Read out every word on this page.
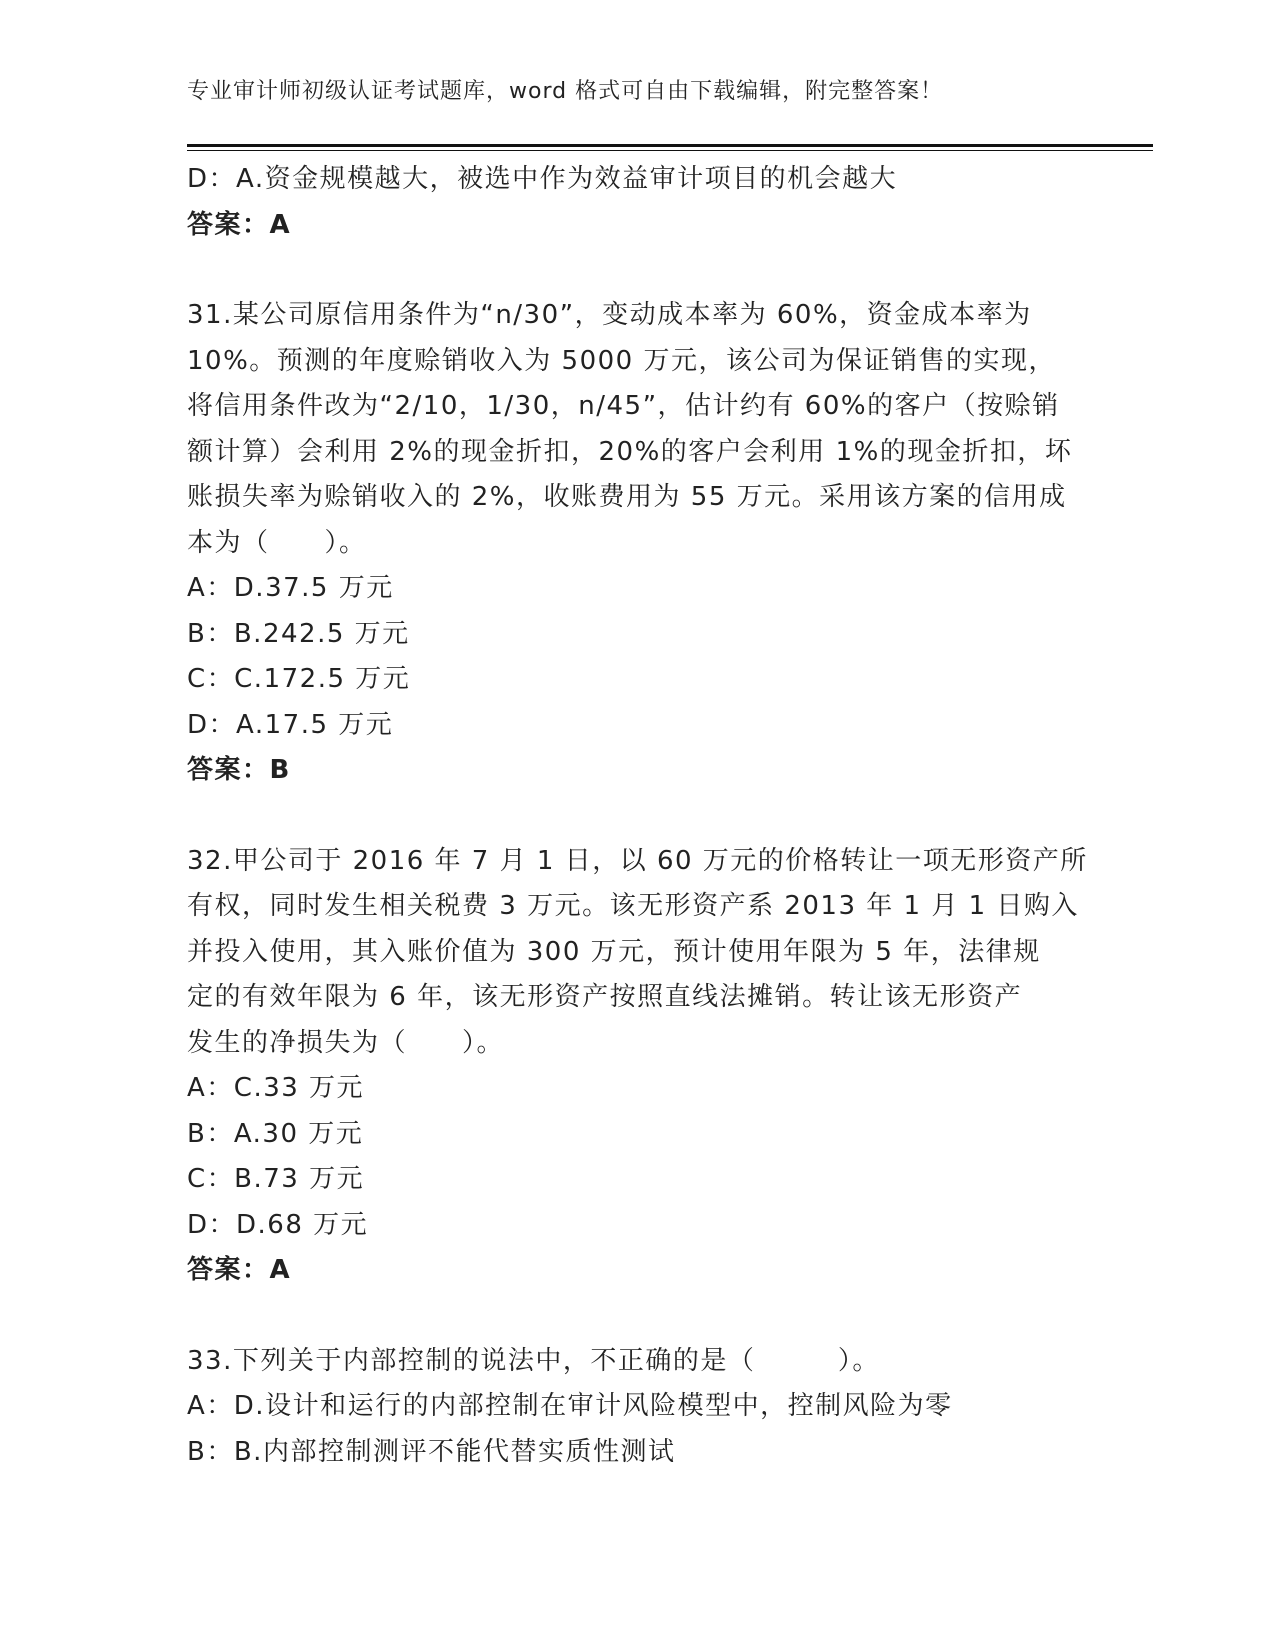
专业审计师初级认证考试题库，word 格式可自由下载编辑，附完整答案！
D：A.资金规模越大，被选中作为效益审计项目的机会越大
答案：A
31.某公司原信用条件为“n/30”，变动成本率为 60%，资金成本率为
10%。预测的年度赊销收入为 5000 万元，该公司为保证销售的实现，
将信用条件改为“2/10，1/30，n/45”，估计约有 60%的客户（按赊销
额计算）会利用 2%的现金折扣，20%的客户会利用 1%的现金折扣，坏
账损失率为赊销收入的 2%，收账费用为 55 万元。采用该方案的信用成
本为（　　）。
A：D.37.5 万元
B：B.242.5 万元
C：C.172.5 万元
D：A.17.5 万元
答案：B
32.甲公司于 2016 年 7 月 1 日，以 60 万元的价格转让一项无形资产所
有权，同时发生相关税费 3 万元。该无形资产系 2013 年 1 月 1 日购入
并投入使用，其入账价值为 300 万元，预计使用年限为 5 年，法律规
定的有效年限为 6 年，该无形资产按照直线法摊销。转让该无形资产
发生的净损失为（　　）。
A：C.33 万元
B：A.30 万元
C：B.73 万元
D：D.68 万元
答案：A
33.下列关于内部控制的说法中，不正确的是（　　　）。
A：D.设计和运行的内部控制在审计风险模型中，控制风险为零
B：B.内部控制测评不能代替实质性测试
